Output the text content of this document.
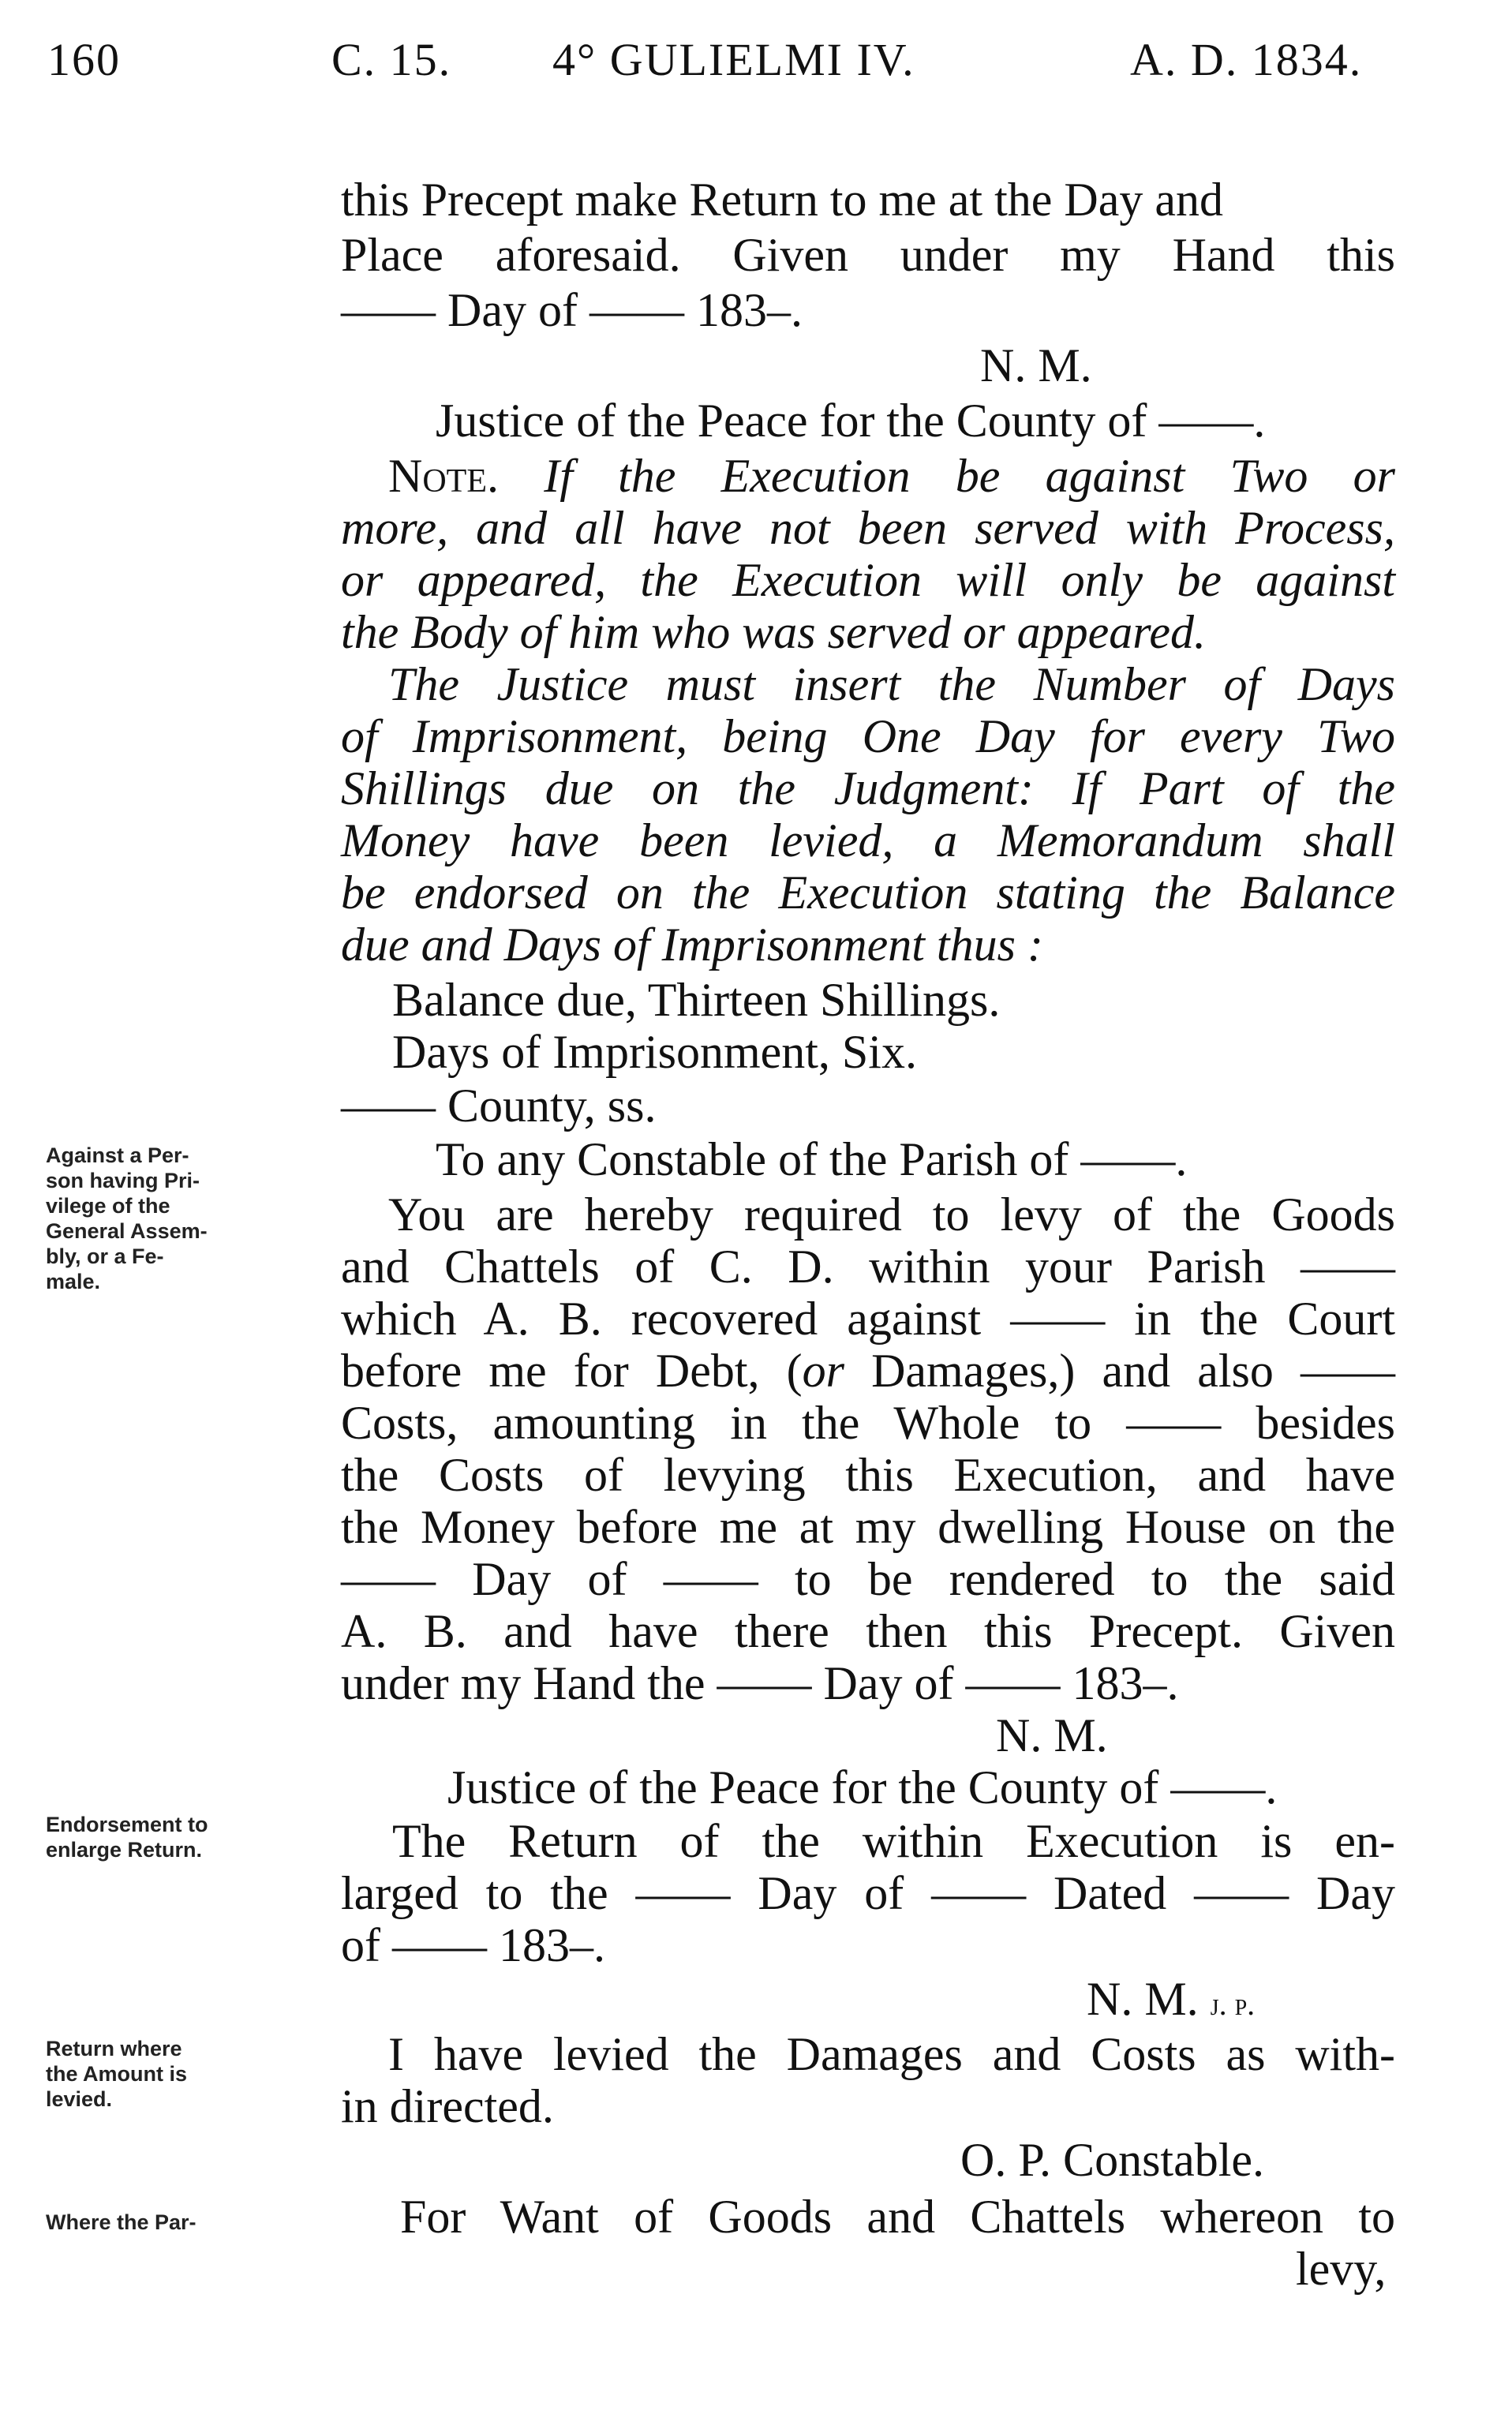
160	C. 15. 4° GULIELMI IV.	A. D. 1834.
this Precept make Return to me at the Day and
Place aforesaid. Given under my Hand this
—— Day of —— 183–.
N. M.
Justice of the Peace for the County of ——.
Note. If the Execution be against Two or
more, and all have not been served with Process,
or appeared, the Execution will only be against
the Body of him who was served or appeared.
The Justice must insert the Number of Days
of Imprisonment, being One Day for every Two
Shillings due on the Judgment: If Part of the
Money have been levied, a Memorandum shall
be endorsed on the Execution stating the Balance
due and Days of Imprisonment thus :
Balance due, Thirteen Shillings.
Days of Imprisonment, Six.
—— County, ss.
To any Constable of the Parish of ——.
You are hereby required to levy of the Goods
and Chattels of C. D. within your Parish ——
which A. B. recovered against —— in the Court
before me for Debt, (or Damages,) and also ——
Costs, amounting in the Whole to —— besides
the Costs of levying this Execution, and have
the Money before me at my dwelling House on the
—— Day of —— to be rendered to the said
A. B. and have there then this Precept. Given
under my Hand the —— Day of —— 183–.
N. M.
Justice of the Peace for the County of ——.
The Return of the within Execution is en-
larged to the —— Day of —— Dated —— Day
of —— 183–.
N. M. j. p.
I have levied the Damages and Costs as with-
in directed.
O. P. Constable.
For Want of Goods and Chattels whereon to
levy,
Against a Per-
son having Pri-
vilege of the
General Assem-
bly, or a Fe-
male.
Endorsement to
enlarge Return.
Return where
the Amount is
levied.
Where the Par-
